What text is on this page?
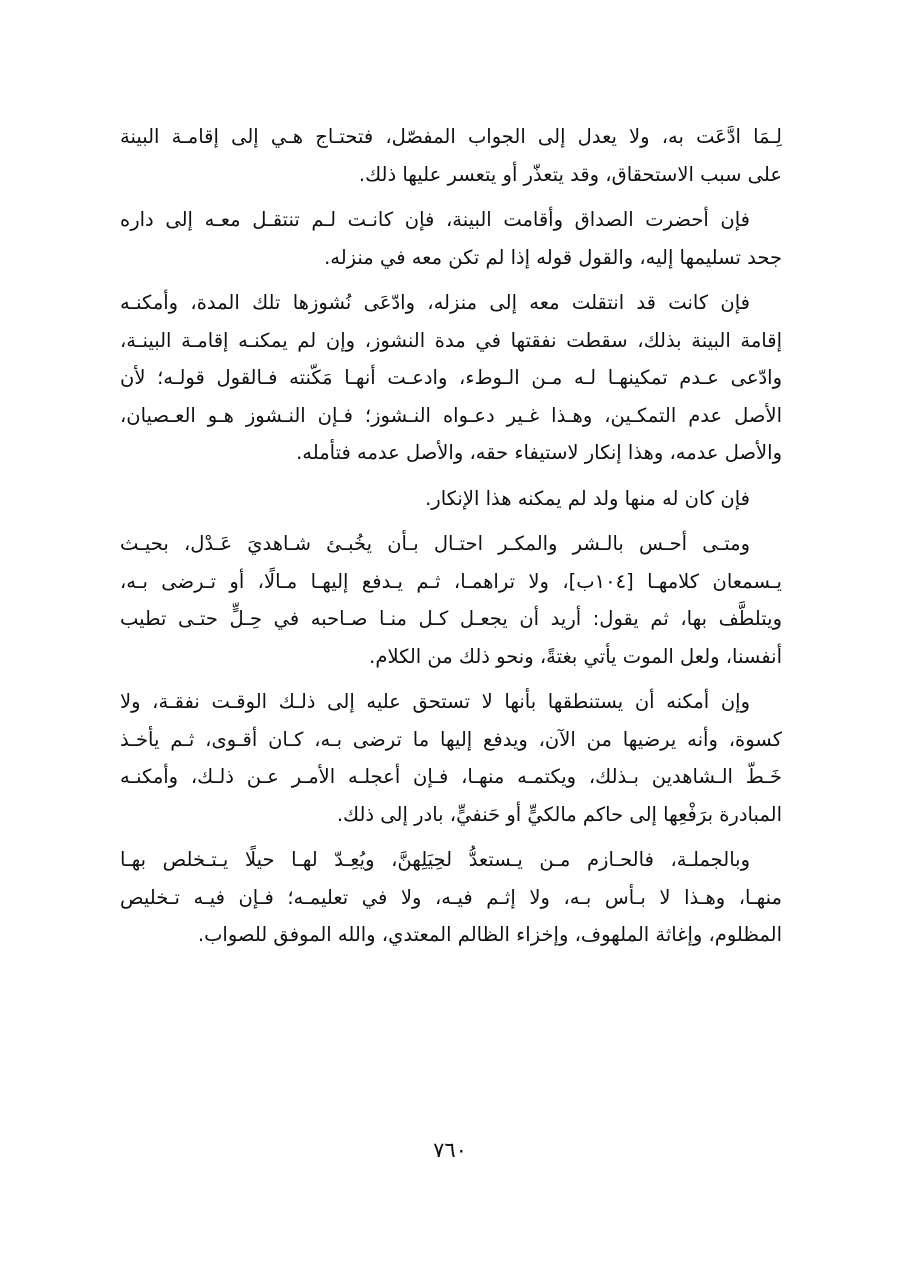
لِـمَا ادَّعَت به، ولا يعدل إلى الجواب المفصّل، فتحتـاج هـي إلى إقامـة البينة
على سبب الاستحقاق، وقد يتعذّر أو يتعسر عليها ذلك.

فإن أحضرت الصداق وأقامت البينة، فإن كانـت لـم تنتقـل معـه إلى داره
جحد تسليمها إليه، والقول قوله إذا لم تكن معه في منزله.

فإن كانت قد انتقلت معه إلى منزله، وادّعَى نُشوزها تلك المدة، وأمكنـه
إقامة البينة بذلك، سقطت نفقتها في مدة النشوز، وإن لم يمكنـه إقامـة البينـة،
وادّعى عـدم تمكينهـا لـه مـن الـوطء، وادعـت أنهـا مَكّنته فـالقول قولـه؛ لأن
الأصل عدم التمكـين، وهـذا غـير دعـواه النـشوز؛ فـإن النـشوز هـو العـصيان،
والأصل عدمه، وهذا إنكار لاستيفاء حقه، والأصل عدمه فتأمله.

فإن كان له منها ولد لم يمكنه هذا الإنكار.

ومتـى أحـس بالـشر والمكـر احتـال بـأن يخُبـئ شـاهديَ عَـدْل، بحيـث
يـسمعان كلامهـا [١٠٤ب]، ولا تراهمـا، ثـم يـدفع إليهـا مـالًا، أو تـرضى بـه،
ويتلطَّف بها، ثم يقول: أريد أن يجعـل كـل منـا صـاحبه في حِـلٍّ حتـى تطيب
أنفسنا، ولعل الموت يأتي بغتةً، ونحو ذلك من الكلام.

وإن أمكنه أن يستنطقها بأنها لا تستحق عليه إلى ذلـك الوقـت نفقـة، ولا
كسوة، وأنه يرضيها من الآن، ويدفع إليها ما ترضى بـه، كـان أقـوى، ثـم يأخـذ
خَـطّ الـشاهدين بـذلك، ويكتمـه منهـا، فـإن أعجلـه الأمـر عـن ذلـك، وأمكنـه
المبادرة برَفْعِها إلى حاكم مالكيٍّ أو حَنفيٍّ، بادر إلى ذلك.

وبالجملـة، فالحـازم مـن يـستعدُّ لحِيَلِهنَّ، ويُعِـدّ لهـا حيلًا يـتـخلص بهـا
منهـا، وهـذا لا بـأس بـه، ولا إثـم فيـه، ولا في تعليمـه؛ فـإن فيـه تـخليص
المظلوم، وإغاثة الملهوف، وإخزاء الظالم المعتدي، والله الموفق للصواب.

٧٦٠
